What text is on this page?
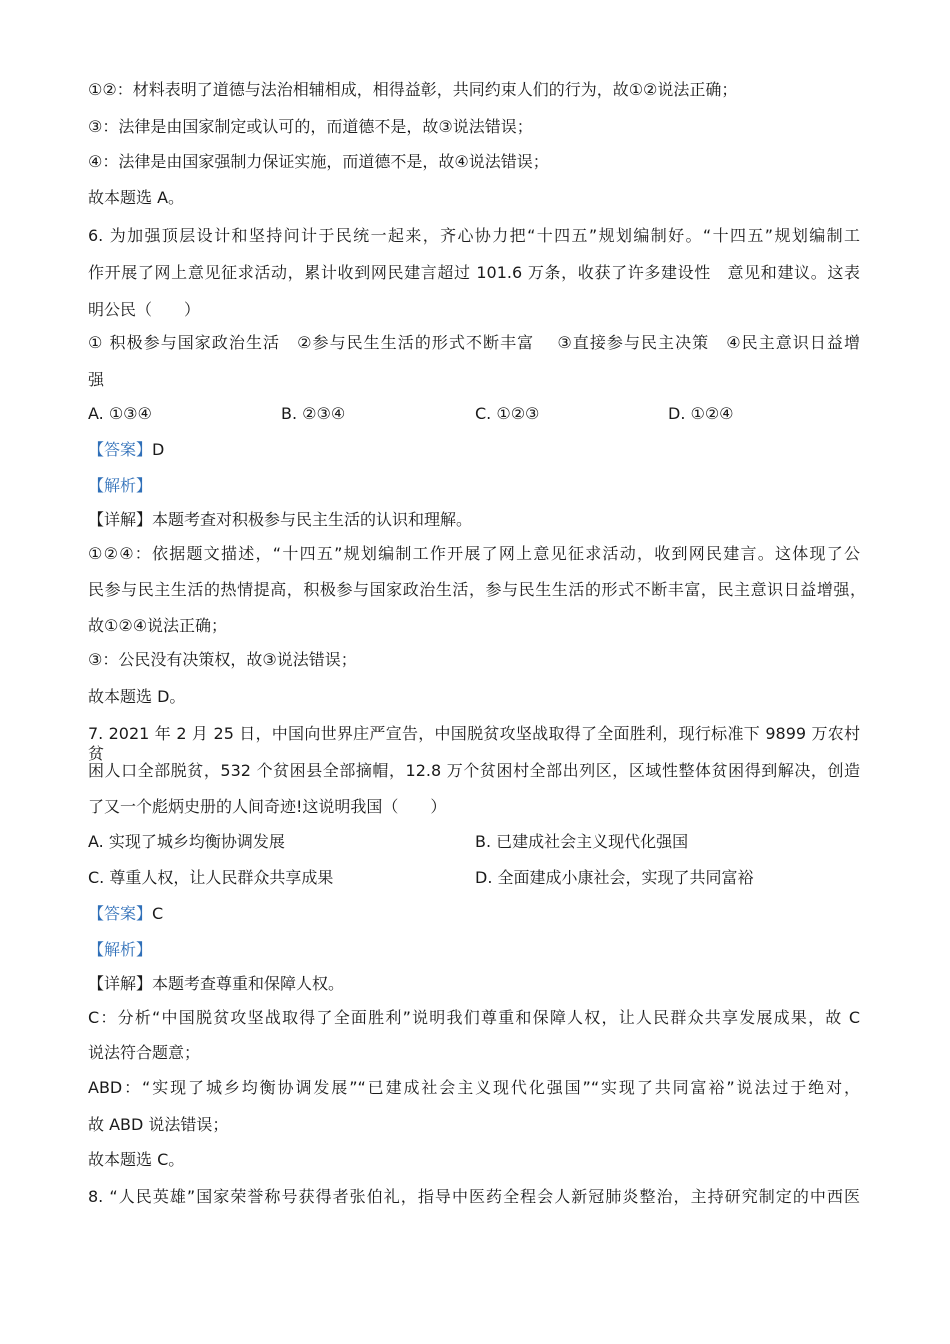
①②：材料表明了道德与法治相辅相成，相得益彰，共同约束人们的行为，故①②说法正确；
③：法律是由国家制定或认可的，而道德不是，故③说法错误；
④：法律是由国家强制力保证实施，而道德不是，故④说法错误；
故本题选 A。
6. 为加强顶层设计和坚持问计于民统一起来，齐心协力把“十四五”规划编制好。“十四五”规划编制工
作开展了网上意见征求活动，累计收到网民建言超过 101.6 万条，收获了许多建设性　意见和建议。这表
明公民（　　）
① 积极参与国家政治生活　②参与民生生活的形式不断丰富　 ③直接参与民主决策　④民主意识日益增
强
A. ①③④	B. ②③④	C. ①②③	D. ①②④
【答案】D
【解析】
【详解】本题考查对积极参与民主生活的认识和理解。
①②④：依据题文描述，“十四五”规划编制工作开展了网上意见征求活动，收到网民建言。这体现了公
民参与民主生活的热情提高，积极参与国家政治生活，参与民生生活的形式不断丰富，民主意识日益增强，
故①②④说法正确；
③：公民没有决策权，故③说法错误；
故本题选 D。
7. 2021 年 2 月 25 日，中国向世界庄严宣告，中国脱贫攻坚战取得了全面胜利，现行标准下 9899 万农村贫
困人口全部脱贫，532 个贫困县全部摘帽，12.8 万个贫困村全部出列区，区域性整体贫困得到解决，创造
了又一个彪炳史册的人间奇迹!这说明我国（　　）
A. 实现了城乡均衡协调发展	B. 已建成社会主义现代化强国
C. 尊重人权，让人民群众共享成果	D. 全面建成小康社会，实现了共同富裕
【答案】C
【解析】
【详解】本题考查尊重和保障人权。
C：分析“中国脱贫攻坚战取得了全面胜利”说明我们尊重和保障人权，让人民群众共享发展成果，故 C
说法符合题意；
ABD：“实现了城乡均衡协调发展”“已建成社会主义现代化强国”“实现了共同富裕”说法过于绝对，
故 ABD 说法错误；
故本题选 C。
8. “人民英雄”国家荣誉称号获得者张伯礼，指导中医药全程会人新冠肺炎整治，主持研究制定的中西医
